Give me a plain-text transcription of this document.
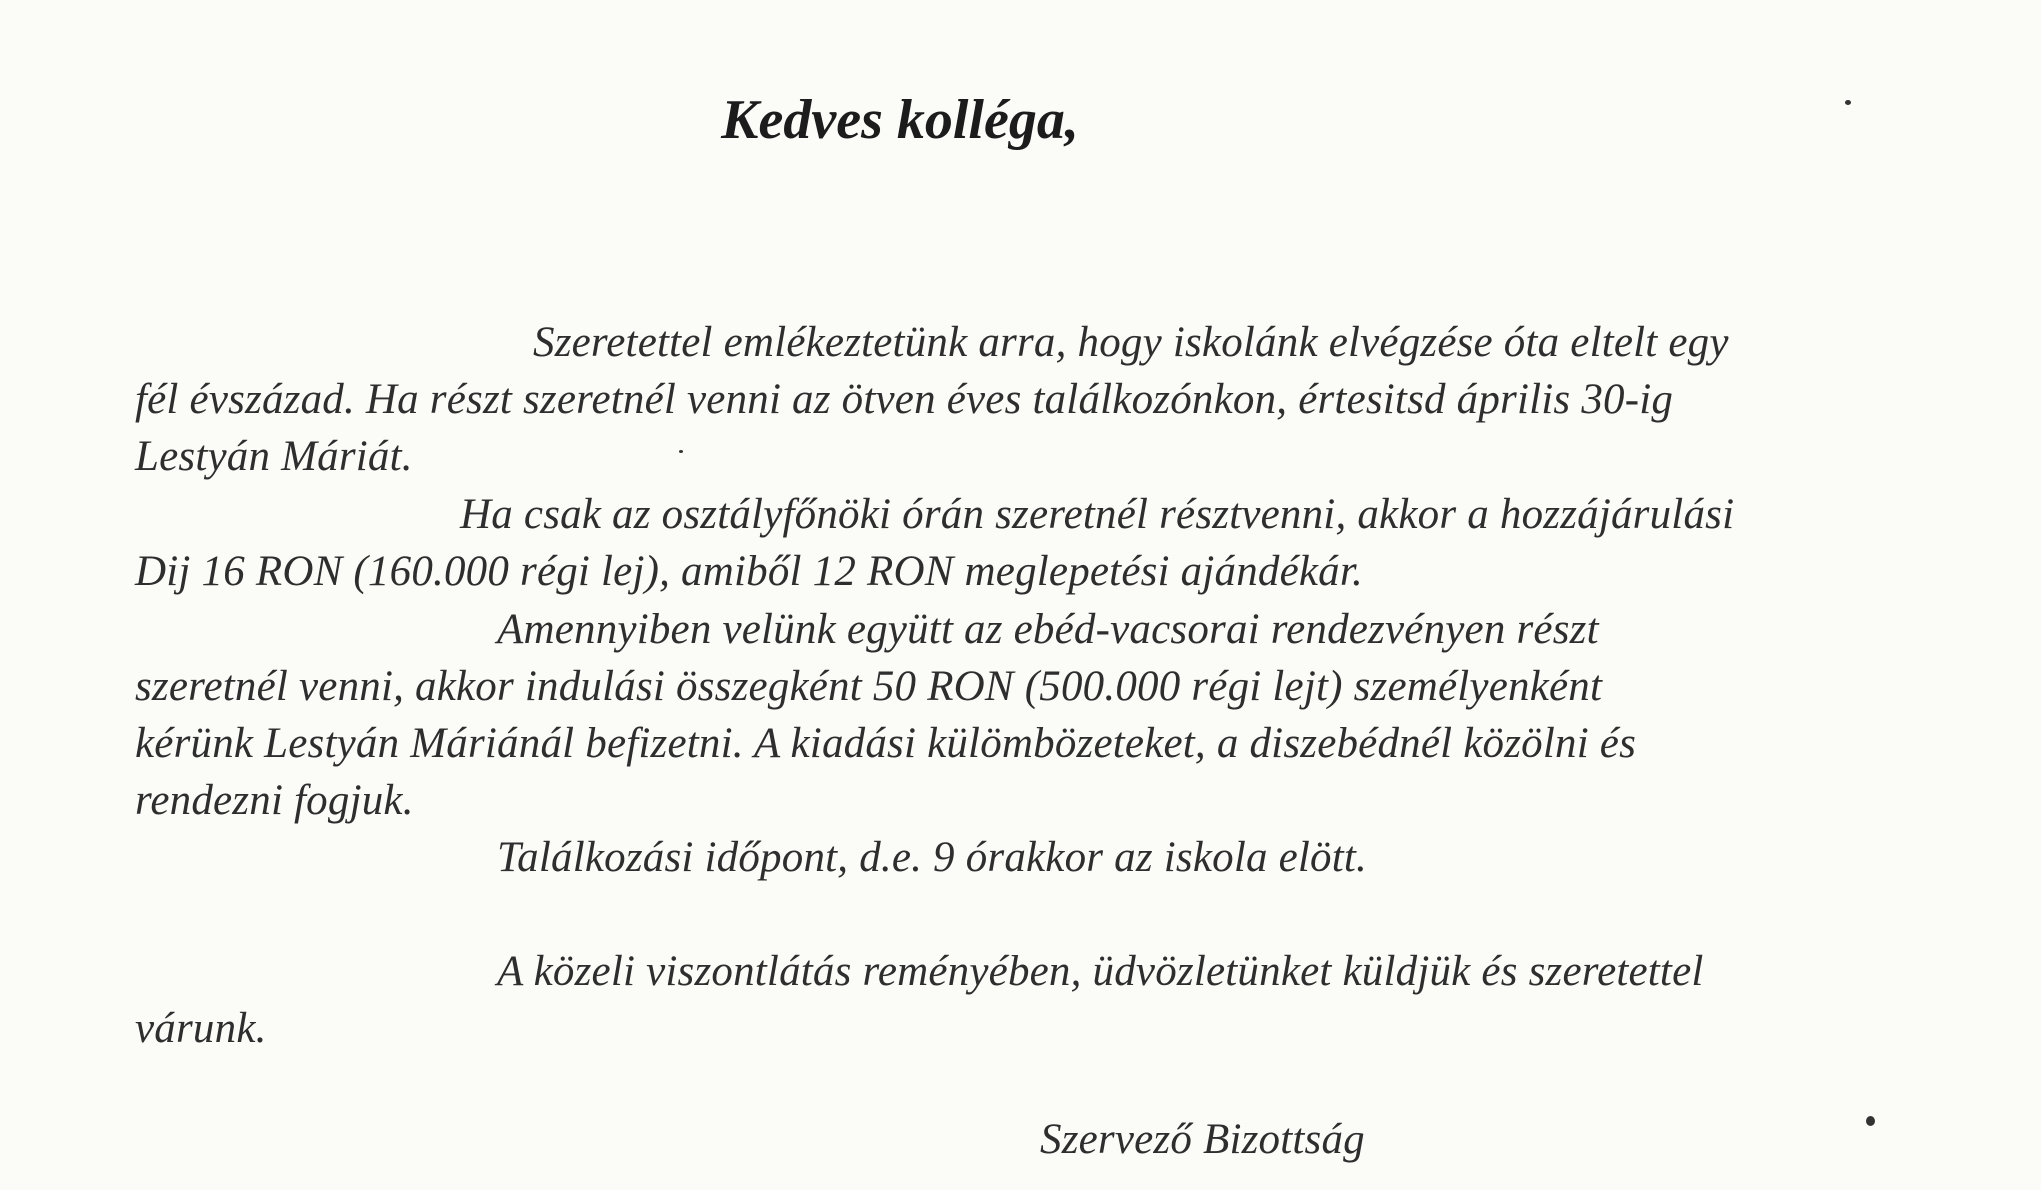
Kedves kolléga,
Szeretettel emlékeztetünk arra, hogy iskolánk elvégzése óta eltelt egy
fél évszázad. Ha részt szeretnél venni az ötven éves találkozónkon, értesitsd április 30-ig
Lestyán Máriát.
Ha csak az osztályfőnöki órán szeretnél résztvenni, akkor a hozzájárulási
Dij 16 RON (160.000 régi lej), amiből 12 RON meglepetési ajándékár.
Amennyiben velünk együtt az ebéd-vacsorai rendezvényen részt
szeretnél venni, akkor indulási összegként 50 RON (500.000 régi lejt) személyenként
kérünk Lestyán Máriánál befizetni. A kiadási külömbözeteket, a diszebédnél közölni és
rendezni fogjuk.
Találkozási időpont, d.e. 9 órakkor az iskola elött.
A közeli viszontlátás reményében, üdvözletünket küldjük és szeretettel
várunk.
Szervező Bizottság
